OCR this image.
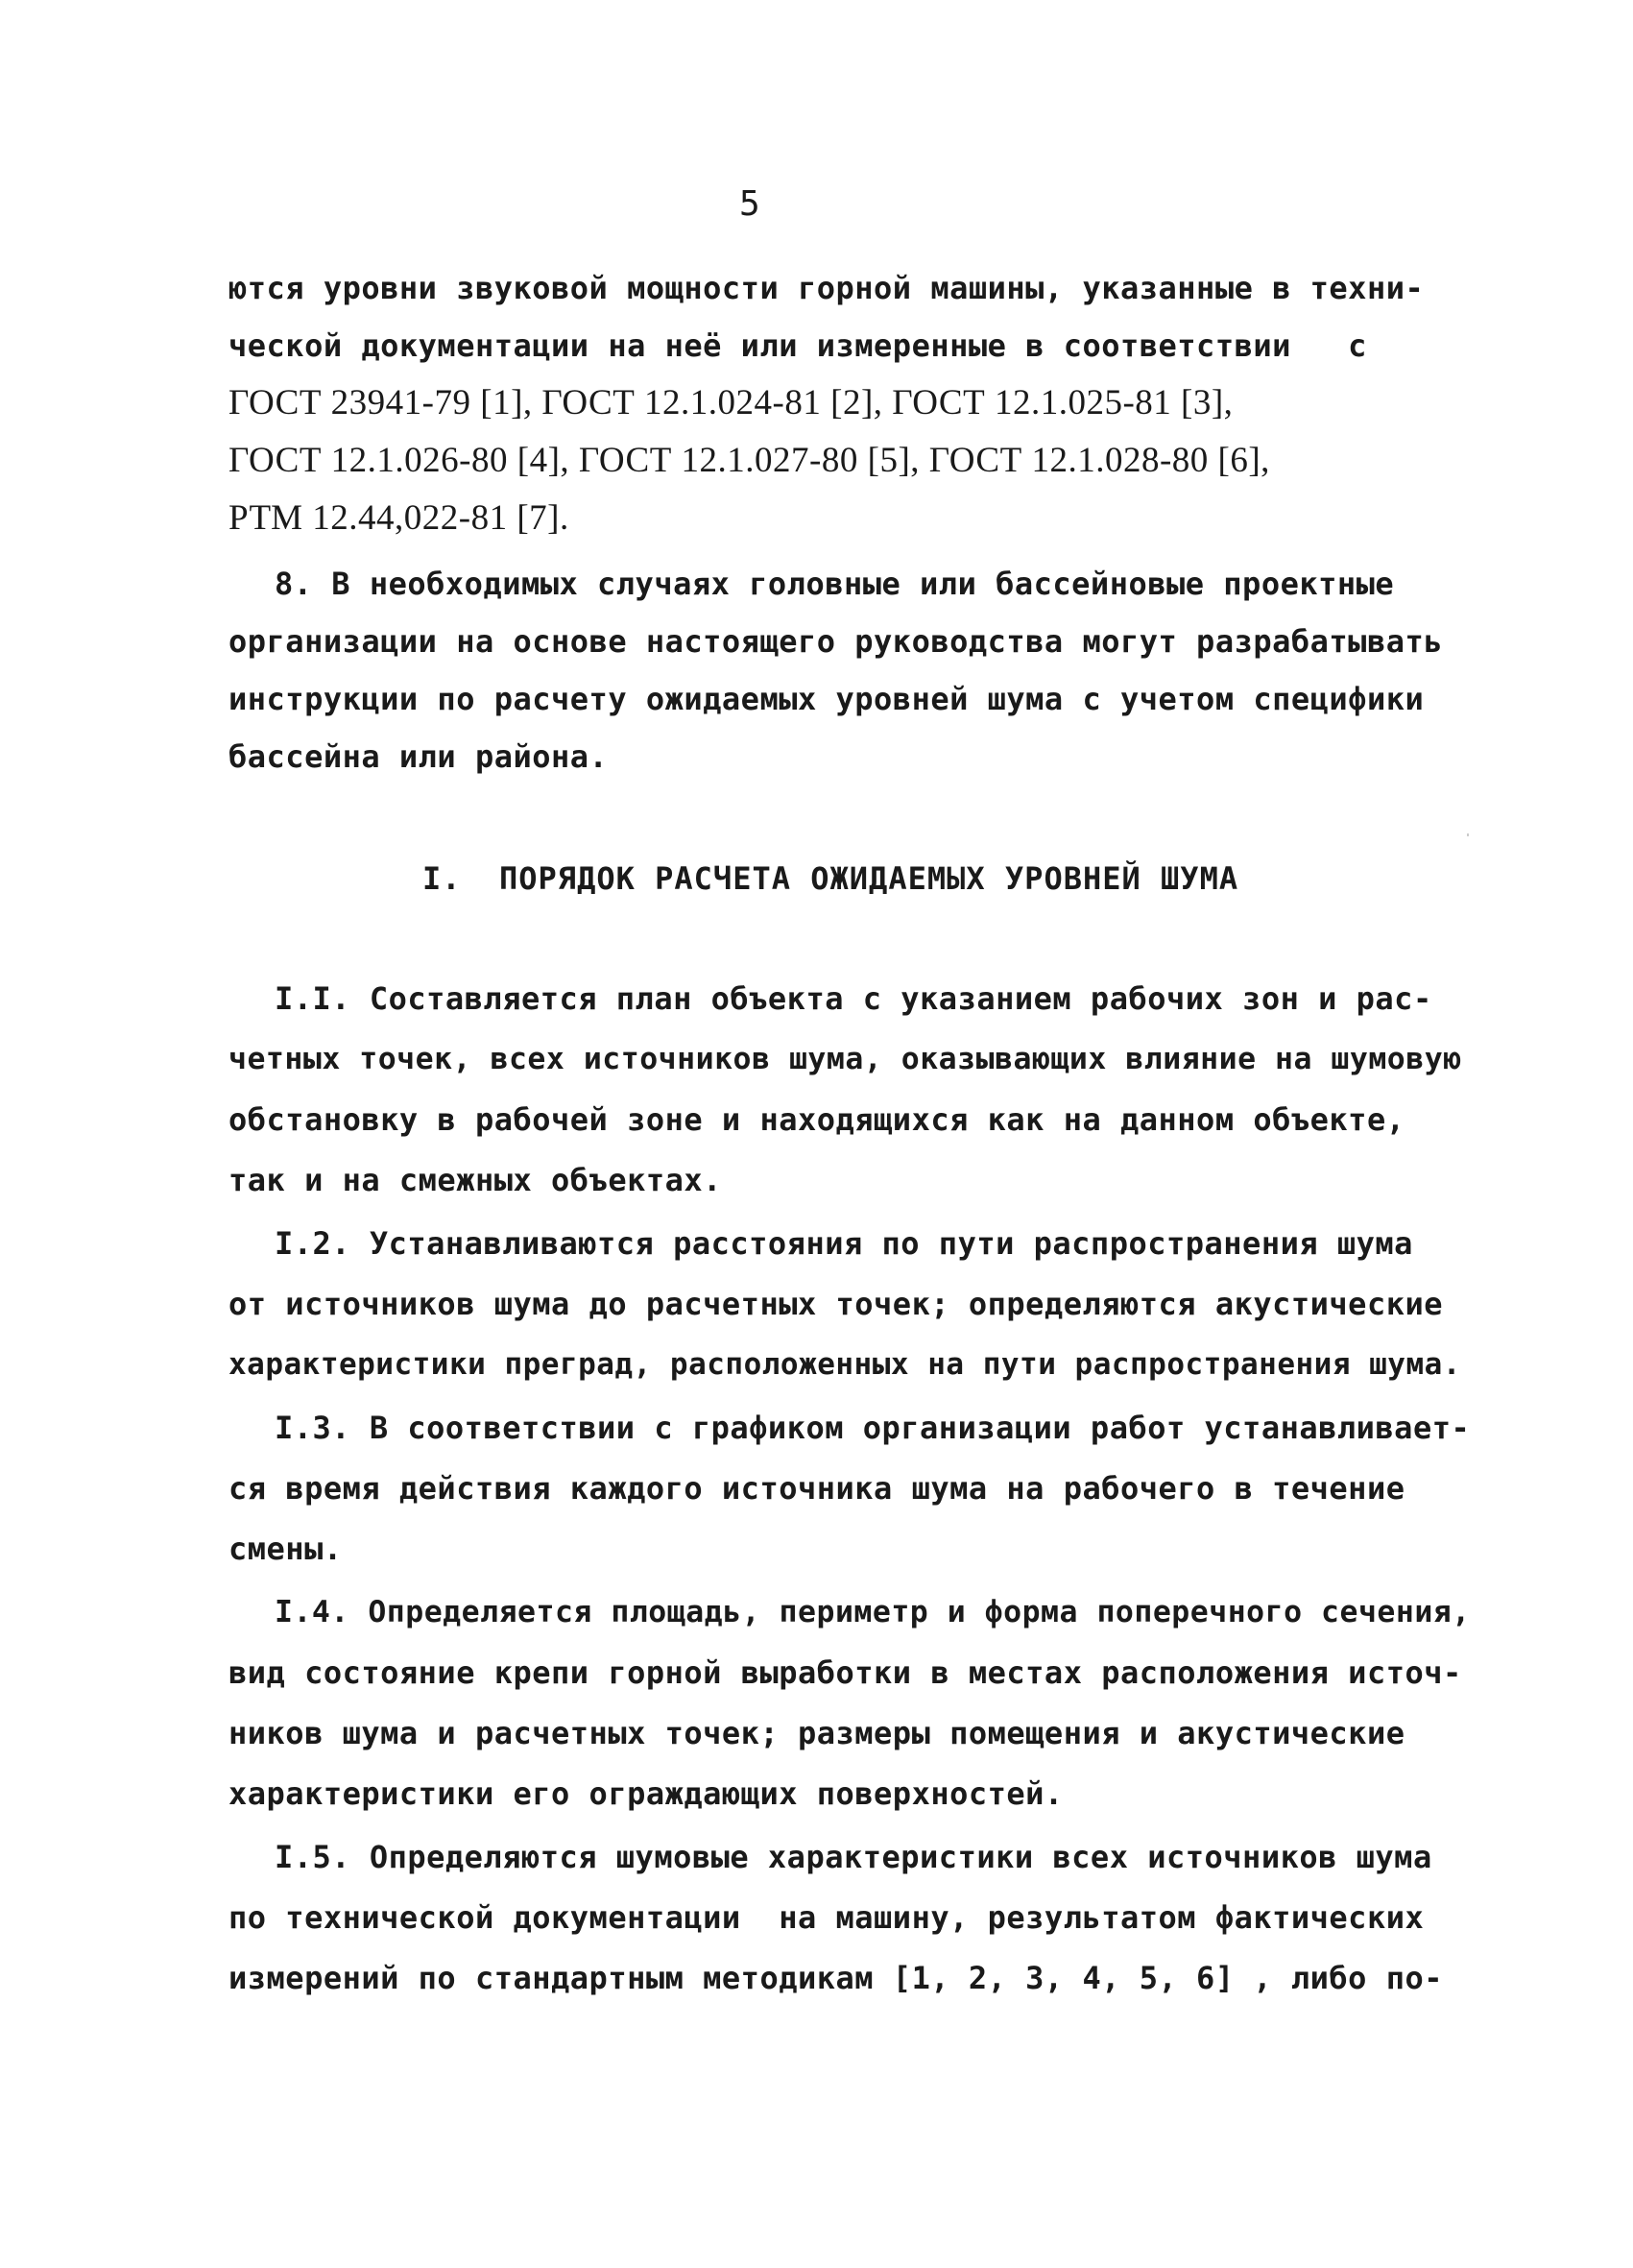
5
ются уровни звуковой мощности горной машины, указанные в техни-
ческой документации на неё или измеренные в соответствии   с
ГОСТ 23941-79 [1], ГОСТ 12.1.024-81 [2], ГОСТ 12.1.025-81 [3],
ГОСТ 12.1.026-80 [4], ГОСТ 12.1.027-80 [5], ГОСТ 12.1.028-80 [6],
РТМ 12.44,022-81 [7].
8. В необходимых случаях головные или бассейновые проектные
организации на основе настоящего руководства могут разрабатывать
инструкции по расчету ожидаемых уровней шума с учетом специфики
бассейна или района.
I. ПОРЯДОК РАСЧЕТА ОЖИДАЕМЫХ УРОВНЕЙ ШУМА
I.I. Составляется план объекта с указанием рабочих зон и рас-
четных точек, всех источников шума, оказывающих влияние на шумовую
обстановку в рабочей зоне и находящихся как на данном объекте,
так и на смежных объектах.
I.2. Устанавливаются расстояния по пути распространения шума
от источников шума до расчетных точек; определяются акустические
характеристики преград, расположенных на пути распространения шума.
I.3. В соответствии с графиком организации работ устанавливает-
ся время действия каждого источника шума на рабочего в течение
смены.
I.4. Определяется площадь, периметр и форма поперечного сечения,
вид состояние крепи горной выработки в местах расположения источ-
ников шума и расчетных точек; размеры помещения и акустические
характеристики его ограждающих поверхностей.
I.5. Определяются шумовые характеристики всех источников шума
по технической документации  на машину, результатом фактических
измерений по стандартным методикам [1, 2, 3, 4, 5, 6] , либо по-
